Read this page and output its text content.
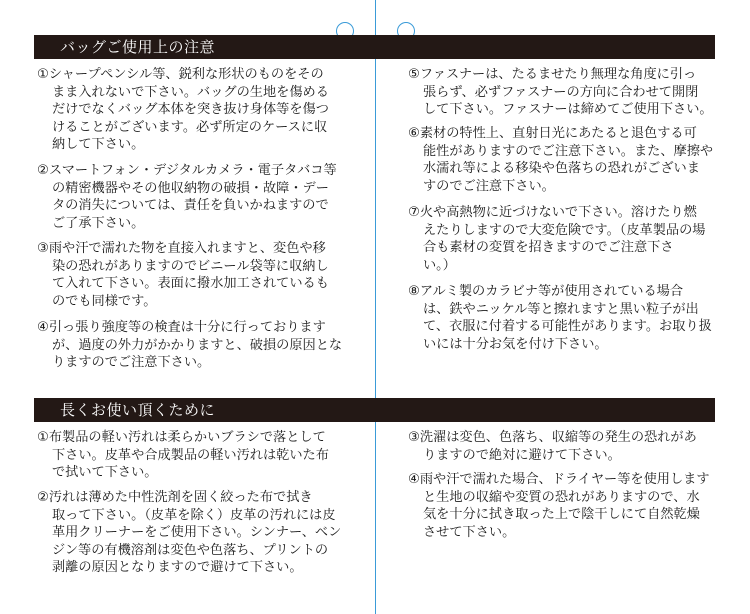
バッグご使用上の注意
①シャープペンシル等、鋭利な形状のものをその
まま入れないで下さい。バッグの生地を傷める
だけでなくバッグ本体を突き抜け身体等を傷つ
けることがございます。必ず所定のケースに収
納して下さい。
②スマートフォン・デジタルカメラ・電子タバコ等
の精密機器やその他収納物の破損・故障・デー
タの消失については、責任を負いかねますので
ご了承下さい。
③雨や汗で濡れた物を直接入れますと、変色や移
染の恐れがありますのでビニール袋等に収納し
て入れて下さい。表面に撥水加工されているも
のでも同様です。
④引っ張り強度等の検査は十分に行っております
が、過度の外力がかかりますと、破損の原因とな
りますのでご注意下さい。
⑤ファスナーは、たるませたり無理な角度に引っ
張らず、必ずファスナーの方向に合わせて開閉
して下さい。ファスナーは締めてご使用下さい。
⑥素材の特性上、直射日光にあたると退色する可
能性がありますのでご注意下さい。また、摩擦や
水濡れ等による移染や色落ちの恐れがございま
すのでご注意下さい。
⑦火や高熱物に近づけないで下さい。溶けたり燃
えたりしますので大変危険です。（皮革製品の場
合も素材の変質を招きますのでご注意下さ
い。）
⑧アルミ製のカラビナ等が使用されている場合
は、鉄やニッケル等と擦れますと黒い粒子が出
て、衣服に付着する可能性があります。お取り扱
いには十分お気を付け下さい。
長くお使い頂くために
①布製品の軽い汚れは柔らかいブラシで落として
下さい。皮革や合成製品の軽い汚れは乾いた布
で拭いて下さい。
②汚れは薄めた中性洗剤を固く絞った布で拭き
取って下さい。（皮革を除く）皮革の汚れには皮
革用クリーナーをご使用下さい。シンナー、ベン
ジン等の有機溶剤は変色や色落ち、プリントの
剥離の原因となりますので避けて下さい。
③洗濯は変色、色落ち、収縮等の発生の恐れがあ
りますので絶対に避けて下さい。
④雨や汗で濡れた場合、ドライヤー等を使用します
と生地の収縮や変質の恐れがありますので、水
気を十分に拭き取った上で陰干しにて自然乾燥
させて下さい。
